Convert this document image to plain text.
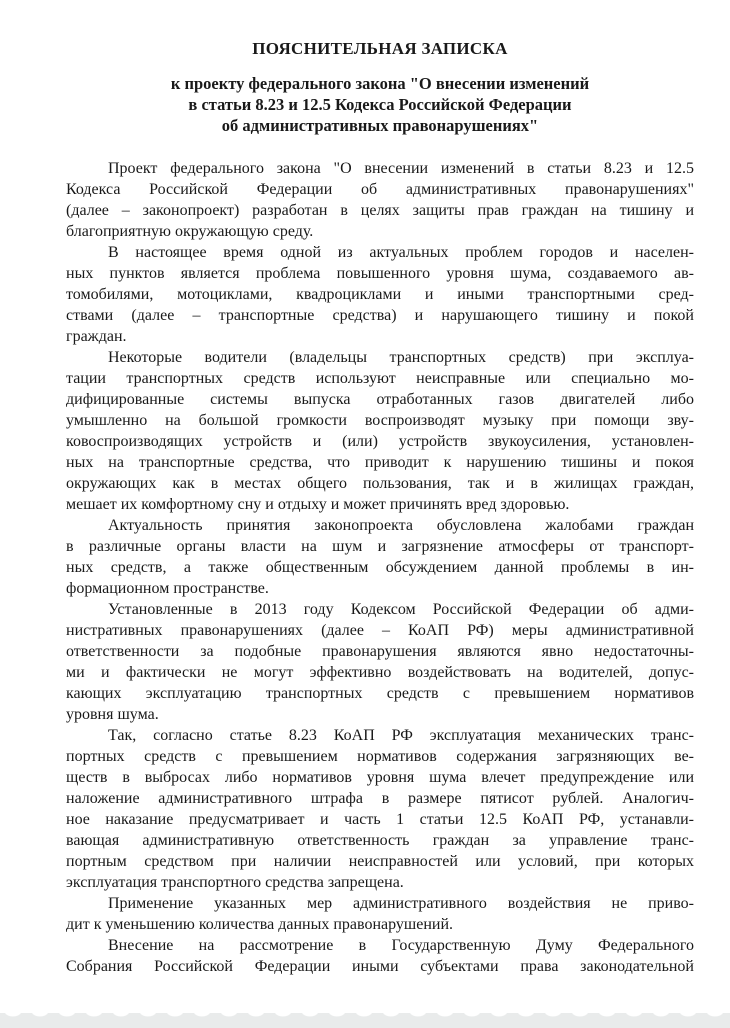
ПОЯСНИТЕЛЬНАЯ ЗАПИСКА
к проекту федерального закона "О внесении изменений
в статьи 8.23 и 12.5 Кодекса Российской Федерации
об административных правонарушениях"
Проект федерального закона "О внесении изменений в статьи 8.23 и 12.5
Кодекса Российской Федерации об административных правонарушениях"
(далее – законопроект) разработан в целях защиты прав граждан на тишину и
благоприятную окружающую среду.
В настоящее время одной из актуальных проблем городов и населен-
ных пунктов является проблема повышенного уровня шума, создаваемого ав-
томобилями, мотоциклами, квадроциклами и иными транспортными сред-
ствами (далее – транспортные средства) и нарушающего тишину и покой
граждан.
Некоторые водители (владельцы транспортных средств) при эксплуа-
тации транспортных средств используют неисправные или специально мо-
дифицированные системы выпуска отработанных газов двигателей либо
умышленно на большой громкости воспроизводят музыку при помощи зву-
ковоспроизводящих устройств и (или) устройств звукоусиления, установлен-
ных на транспортные средства, что приводит к нарушению тишины и покоя
окружающих как в местах общего пользования, так и в жилищах граждан,
мешает их комфортному сну и отдыху и может причинять вред здоровью.
Актуальность принятия законопроекта обусловлена жалобами граждан
в различные органы власти на шум и загрязнение атмосферы от транспорт-
ных средств, а также общественным обсуждением данной проблемы в ин-
формационном пространстве.
Установленные в 2013 году Кодексом Российской Федерации об адми-
нистративных правонарушениях (далее – КоАП РФ) меры административной
ответственности за подобные правонарушения являются явно недостаточны-
ми и фактически не могут эффективно воздействовать на водителей, допус-
кающих эксплуатацию транспортных средств с превышением нормативов
уровня шума.
Так, согласно статье 8.23 КоАП РФ эксплуатация механических транс-
портных средств с превышением нормативов содержания загрязняющих ве-
ществ в выбросах либо нормативов уровня шума влечет предупреждение или
наложение административного штрафа в размере пятисот рублей. Аналогич-
ное наказание предусматривает и часть 1 статьи 12.5 КоАП РФ, устанавли-
вающая административную ответственность граждан за управление транс-
портным средством при наличии неисправностей или условий, при которых
эксплуатация транспортного средства запрещена.
Применение указанных мер административного воздействия не приво-
дит к уменьшению количества данных правонарушений.
Внесение на рассмотрение в Государственную Думу Федерального
Собрания Российской Федерации иными субъектами права законодательной
